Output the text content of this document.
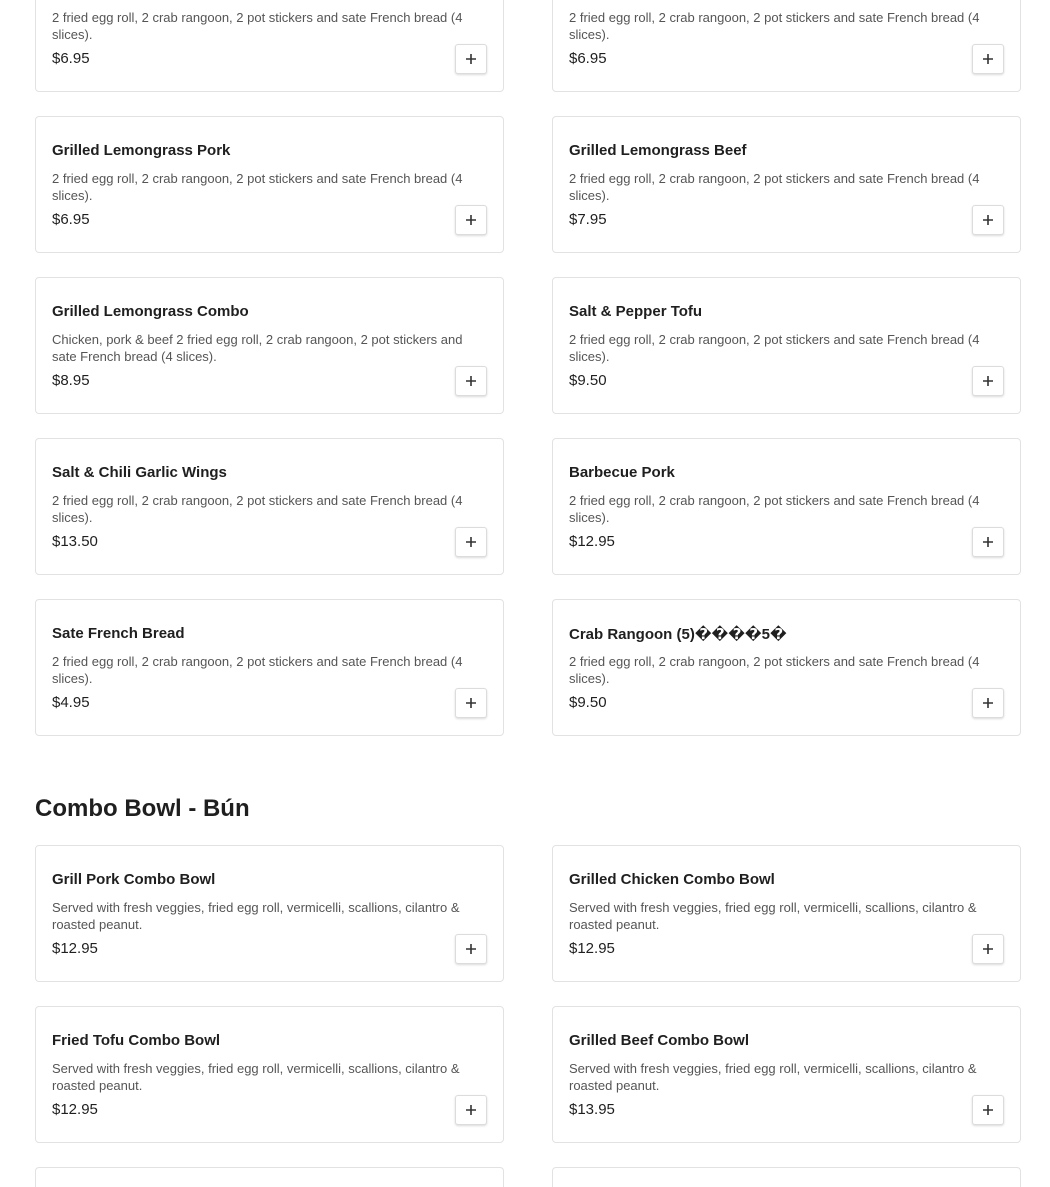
2 fried egg roll, 2 crab rangoon, 2 pot stickers and sate French bread (4 slices).
$6.95
2 fried egg roll, 2 crab rangoon, 2 pot stickers and sate French bread (4 slices).
$6.95
Grilled Lemongrass Pork
2 fried egg roll, 2 crab rangoon, 2 pot stickers and sate French bread (4 slices).
$6.95
Grilled Lemongrass Beef
2 fried egg roll, 2 crab rangoon, 2 pot stickers and sate French bread (4 slices).
$7.95
Grilled Lemongrass Combo
Chicken, pork & beef 2 fried egg roll, 2 crab rangoon, 2 pot stickers and sate French bread (4 slices).
$8.95
Salt & Pepper Tofu
2 fried egg roll, 2 crab rangoon, 2 pot stickers and sate French bread (4 slices).
$9.50
Salt & Chili Garlic Wings
2 fried egg roll, 2 crab rangoon, 2 pot stickers and sate French bread (4 slices).
$13.50
Barbecue Pork
2 fried egg roll, 2 crab rangoon, 2 pot stickers and sate French bread (4 slices).
$12.95
Sate French Bread
2 fried egg roll, 2 crab rangoon, 2 pot stickers and sate French bread (4 slices).
$4.95
Crab Rangoon (5)����5�
2 fried egg roll, 2 crab rangoon, 2 pot stickers and sate French bread (4 slices).
$9.50
Combo Bowl - Bún
Grill Pork Combo Bowl
Served with fresh veggies, fried egg roll, vermicelli, scallions, cilantro & roasted peanut.
$12.95
Grilled Chicken Combo Bowl
Served with fresh veggies, fried egg roll, vermicelli, scallions, cilantro & roasted peanut.
$12.95
Fried Tofu Combo Bowl
Served with fresh veggies, fried egg roll, vermicelli, scallions, cilantro & roasted peanut.
$12.95
Grilled Beef Combo Bowl
Served with fresh veggies, fried egg roll, vermicelli, scallions, cilantro & roasted peanut.
$13.95
